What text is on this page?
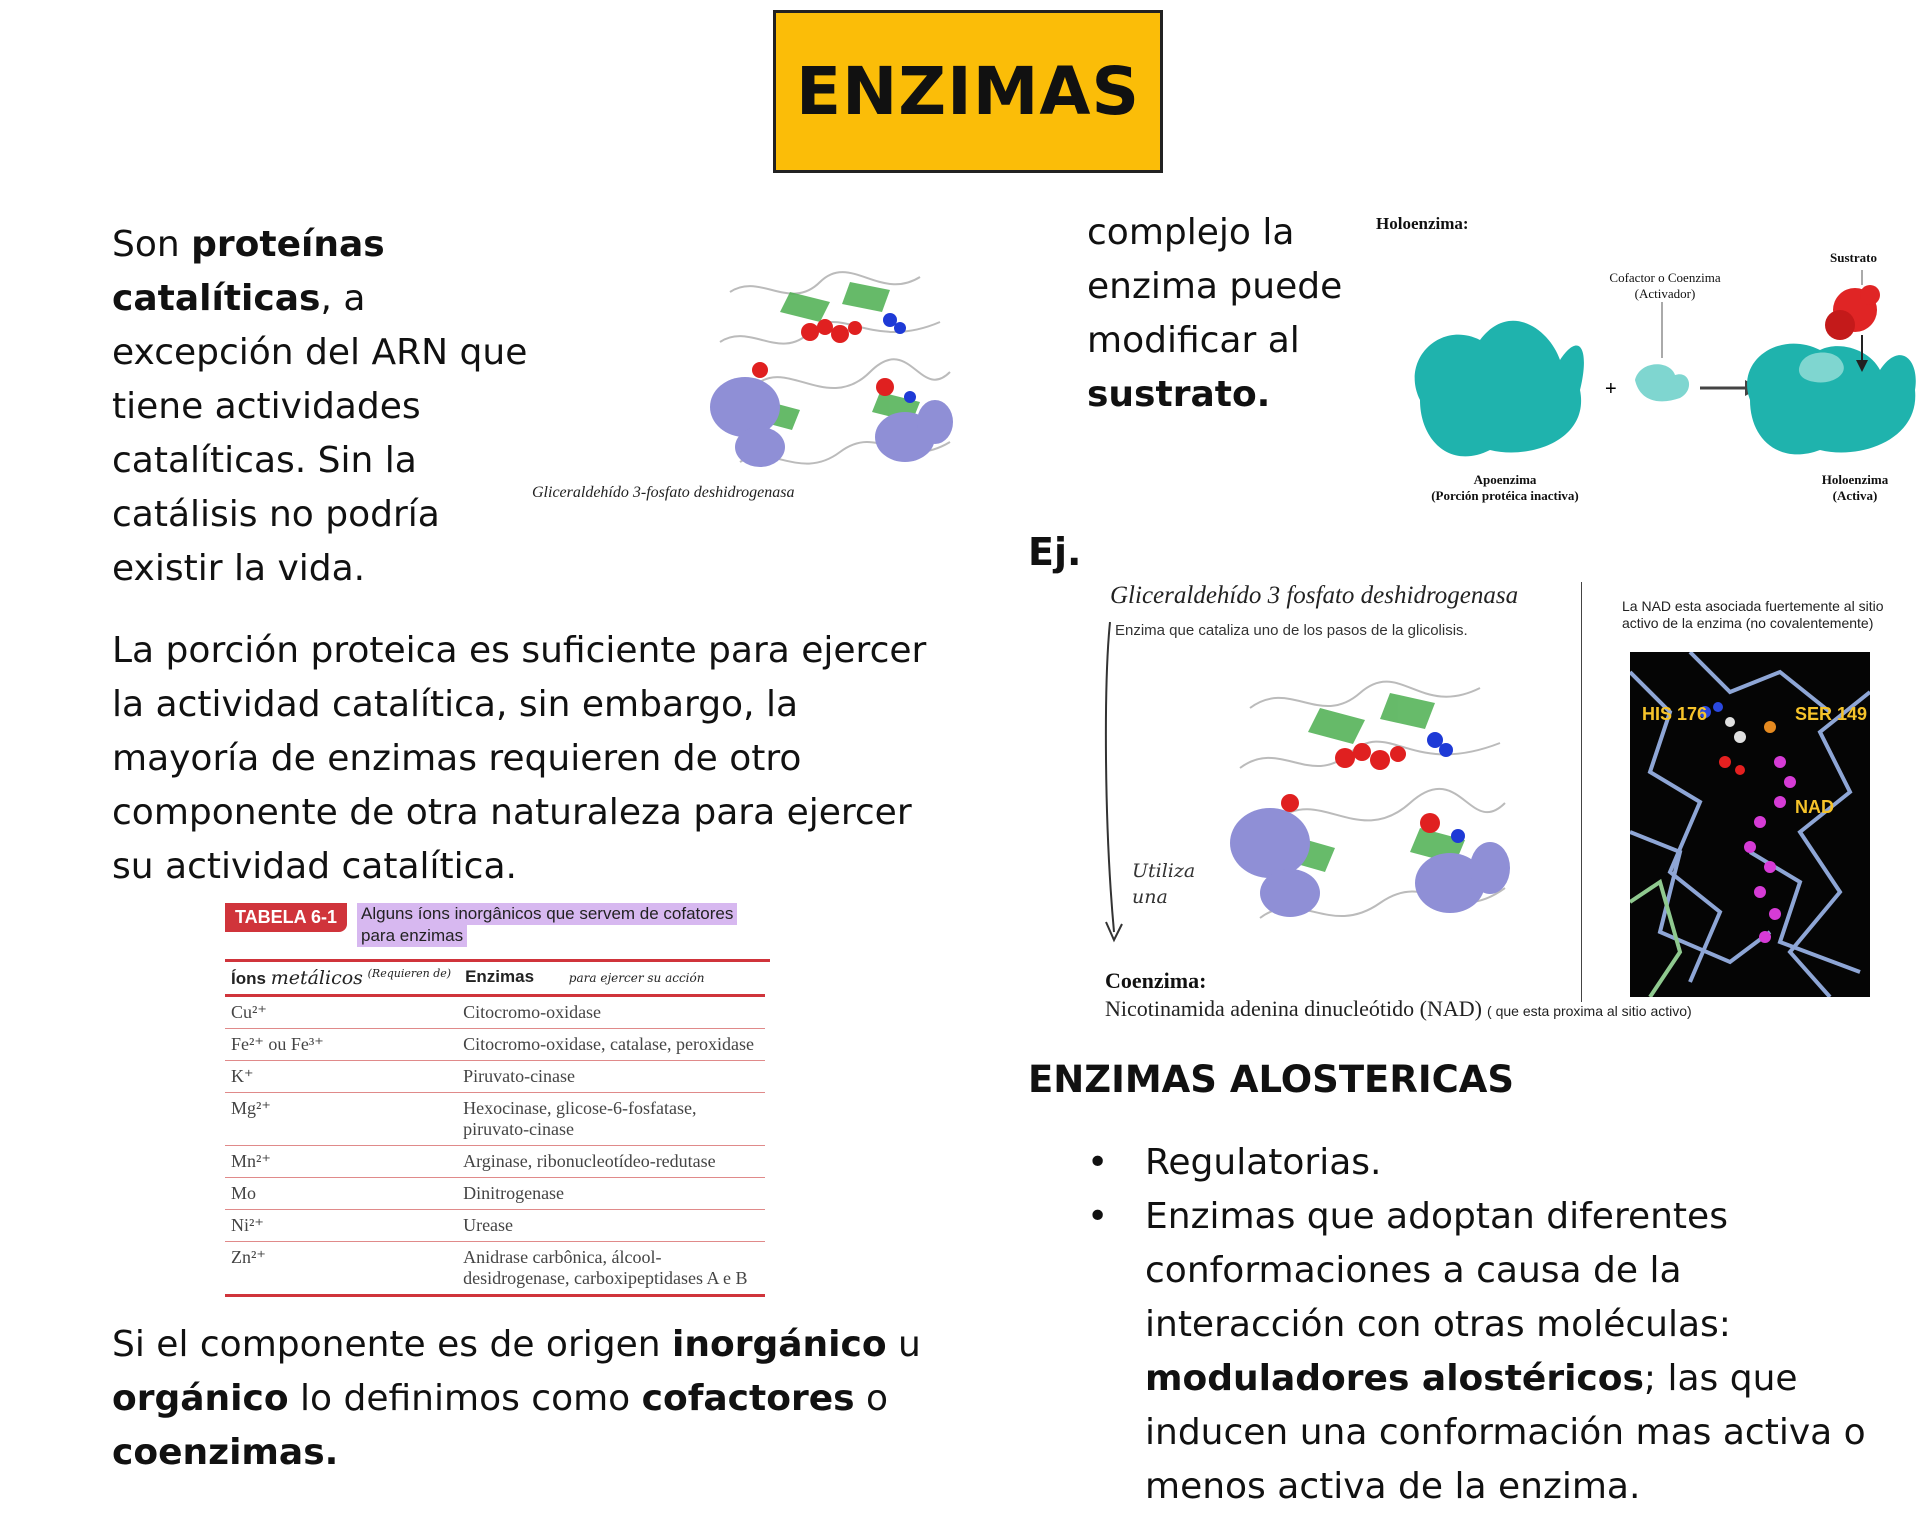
ENZIMAS
Son proteínas catalíticas, a excepción del ARN que tiene actividades catalíticas. Sin la catálisis no podría existir la vida.
Gliceraldehído 3-fosfato deshidrogenasa
La porción proteica es suficiente para ejercer la actividad catalítica, sin embargo, la mayoría de enzimas requieren de otro componente de otra naturaleza para ejercer su actividad catalítica.
TABELA 6-1	Alguns íons inorgânicos que servem de cofatores
para enzimas
Íons metálicos $^{(Requieren de)}$	Enzimas para ejercer su acción
Cu²⁺	Citocromo-oxidase
Fe²⁺ ou Fe³⁺	Citocromo-oxidase, catalase, peroxidase
K⁺	Piruvato-cinase
Mg²⁺	Hexocinase, glicose-6-fosfatase, piruvato-cinase
Mn²⁺	Arginase, ribonucleotídeo-redutase
Mo	Dinitrogenase
Ni²⁺	Urease
Zn²⁺	Anidrase carbônica, álcool-desidrogenase, carboxipeptidases A e B
Si el componente es de origen inorgánico u orgánico lo definimos como cofactores o coenzimas.
complejo la enzima puede modificar al sustrato.
Holoenzima:
+
Cofactor o Coenzima
(Activador)
Sustrato
Apoenzima
(Porción protéica inactiva)
Holoenzima
(Activa)
Ej.
Gliceraldehído 3 fosfato deshidrogenasa
Enzima que cataliza uno de los pasos de la glicolisis.
Utiliza una
La NAD esta asociada fuertemente al sitio activo de la enzima (no covalentemente)
HIS 176	SER 149
NAD
Coenzima:
Nicotinamida adenina dinucleótido (NAD) ( que esta proxima al sitio activo)
ENZIMAS ALOSTERICAS
• Regulatorias.
• Enzimas que adoptan diferentes conformaciones a causa de la interacción con otras moléculas: moduladores alostéricos; las que inducen una conformación mas activa o menos activa de la enzima.
